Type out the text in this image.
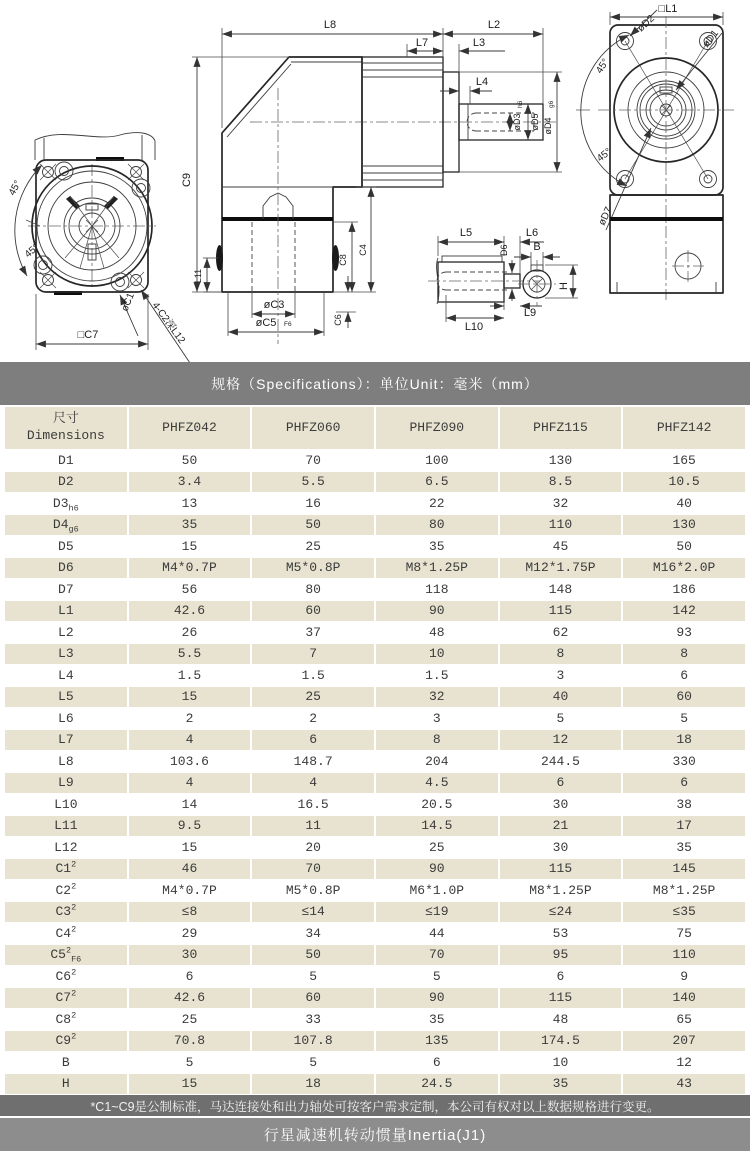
45°
45°
øC1 4-C2深L12
□C7
C9
L11
L8	L2
L7	L3
L4
øD3
h6
øD5 øD4
g6
C8
C4
C6
øC3
øC5 F6
L5	L6
D6
L9
L10
B
H
□L1
45°
45°
øD2
øD1
øD7
规格（Specifications）：单位Unit：毫米（mm）
尺寸
Dimensions	PHFZ042	PHFZ060	PHFZ090	PHFZ115	PHFZ142
D1	50	70	100	130	165
D2	3.4	5.5	6.5	8.5	10.5
$D3_{h6}$	13	16	22	32	40
$D4_{g6}$	35	50	80	110	130
D5	15	25	35	45	50
D6	M4*0.7P	M5*0.8P	M8*1.25P	M12*1.75P	M16*2.0P
D7	56	80	118	148	186
L1	42.6	60	90	115	142
L2	26	37	48	62	93
L3	5.5	7	10	8	8
L4	1.5	1.5	1.5	3	6
L5	15	25	32	40	60
L6	2	2	3	5	5
L7	4	6	8	12	18
L8	103.6	148.7	204	244.5	330
L9	4	4	4.5	6	6
L10	14	16.5	20.5	30	38
L11	9.5	11	14.5	21	17
L12	15	20	25	30	35
$C1^2$	46	70	90	115	145
$C2^2$	M4*0.7P	M5*0.8P	M6*1.0P	M8*1.25P	M8*1.25P
$C3^2$	≤8	≤14	≤19	≤24	≤35
$C4^2$	29	34	44	53	75
$C5^2_{F6}$	30	50	70	95	110
$C6^2$	6	5	5	6	9
$C7^2$	42.6	60	90	115	140
$C8^2$	25	33	35	48	65
$C9^2$	70.8	107.8	135	174.5	207
B	5	5	6	10	12
H	15	18	24.5	35	43
*C1~C9是公制标准，马达连接处和出力轴处可按客户需求定制，本公司有权对以上数据规格进行变更。
行星减速机转动惯量Inertia(J1)
